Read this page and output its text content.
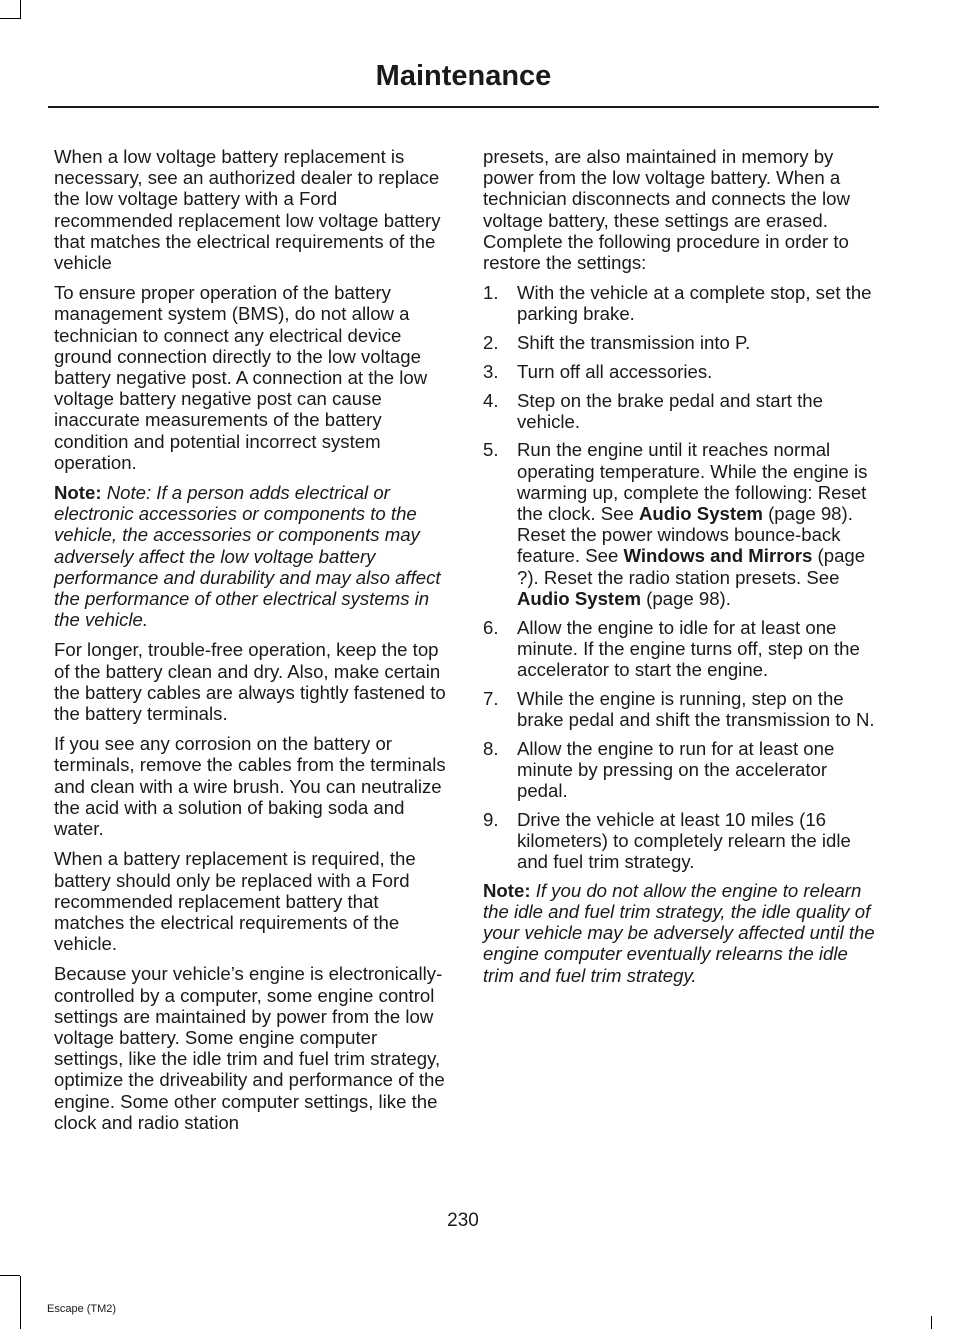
Maintenance

When a low voltage battery replacement is necessary, see an authorized dealer to replace the low voltage battery with a Ford recommended replacement low voltage battery that matches the electrical requirements of the vehicle

To ensure proper operation of the battery management system (BMS), do not allow a technician to connect any electrical device ground connection directly to the low voltage battery negative post. A connection at the low voltage battery negative post can cause inaccurate measurements of the battery condition and potential incorrect system operation.

Note: Note: If a person adds electrical or electronic accessories or components to the vehicle, the accessories or components may adversely affect the low voltage battery performance and durability and may also affect the performance of other electrical systems in the vehicle.

For longer, trouble-free operation, keep the top of the battery clean and dry. Also, make certain the battery cables are always tightly fastened to the battery terminals.

If you see any corrosion on the battery or terminals, remove the cables from the terminals and clean with a wire brush. You can neutralize the acid with a solution of baking soda and water.

When a battery replacement is required, the battery should only be replaced with a Ford recommended replacement battery that matches the electrical requirements of the vehicle.

Because your vehicle’s engine is electronically-controlled by a computer, some engine control settings are maintained by power from the low voltage battery. Some engine computer settings, like the idle trim and fuel trim strategy, optimize the driveability and performance of the engine. Some other computer settings, like the clock and radio station

presets, are also maintained in memory by power from the low voltage battery. When a technician disconnects and connects the low voltage battery, these settings are erased. Complete the following procedure in order to restore the settings:

1. With the vehicle at a complete stop, set the parking brake.
2. Shift the transmission into P.
3. Turn off all accessories.
4. Step on the brake pedal and start the vehicle.
5. Run the engine until it reaches normal operating temperature. While the engine is warming up, complete the following: Reset the clock. See Audio System (page 98). Reset the power windows bounce-back feature. See Windows and Mirrors (page ?). Reset the radio station presets. See Audio System (page 98).
6. Allow the engine to idle for at least one minute. If the engine turns off, step on the accelerator to start the engine.
7. While the engine is running, step on the brake pedal and shift the transmission to N.
8. Allow the engine to run for at least one minute by pressing on the accelerator pedal.
9. Drive the vehicle at least 10 miles (16 kilometers) to completely relearn the idle and fuel trim strategy.

Note: If you do not allow the engine to relearn the idle and fuel trim strategy, the idle quality of your vehicle may be adversely affected until the engine computer eventually relearns the idle trim and fuel trim strategy.

230
Escape (TM2)
